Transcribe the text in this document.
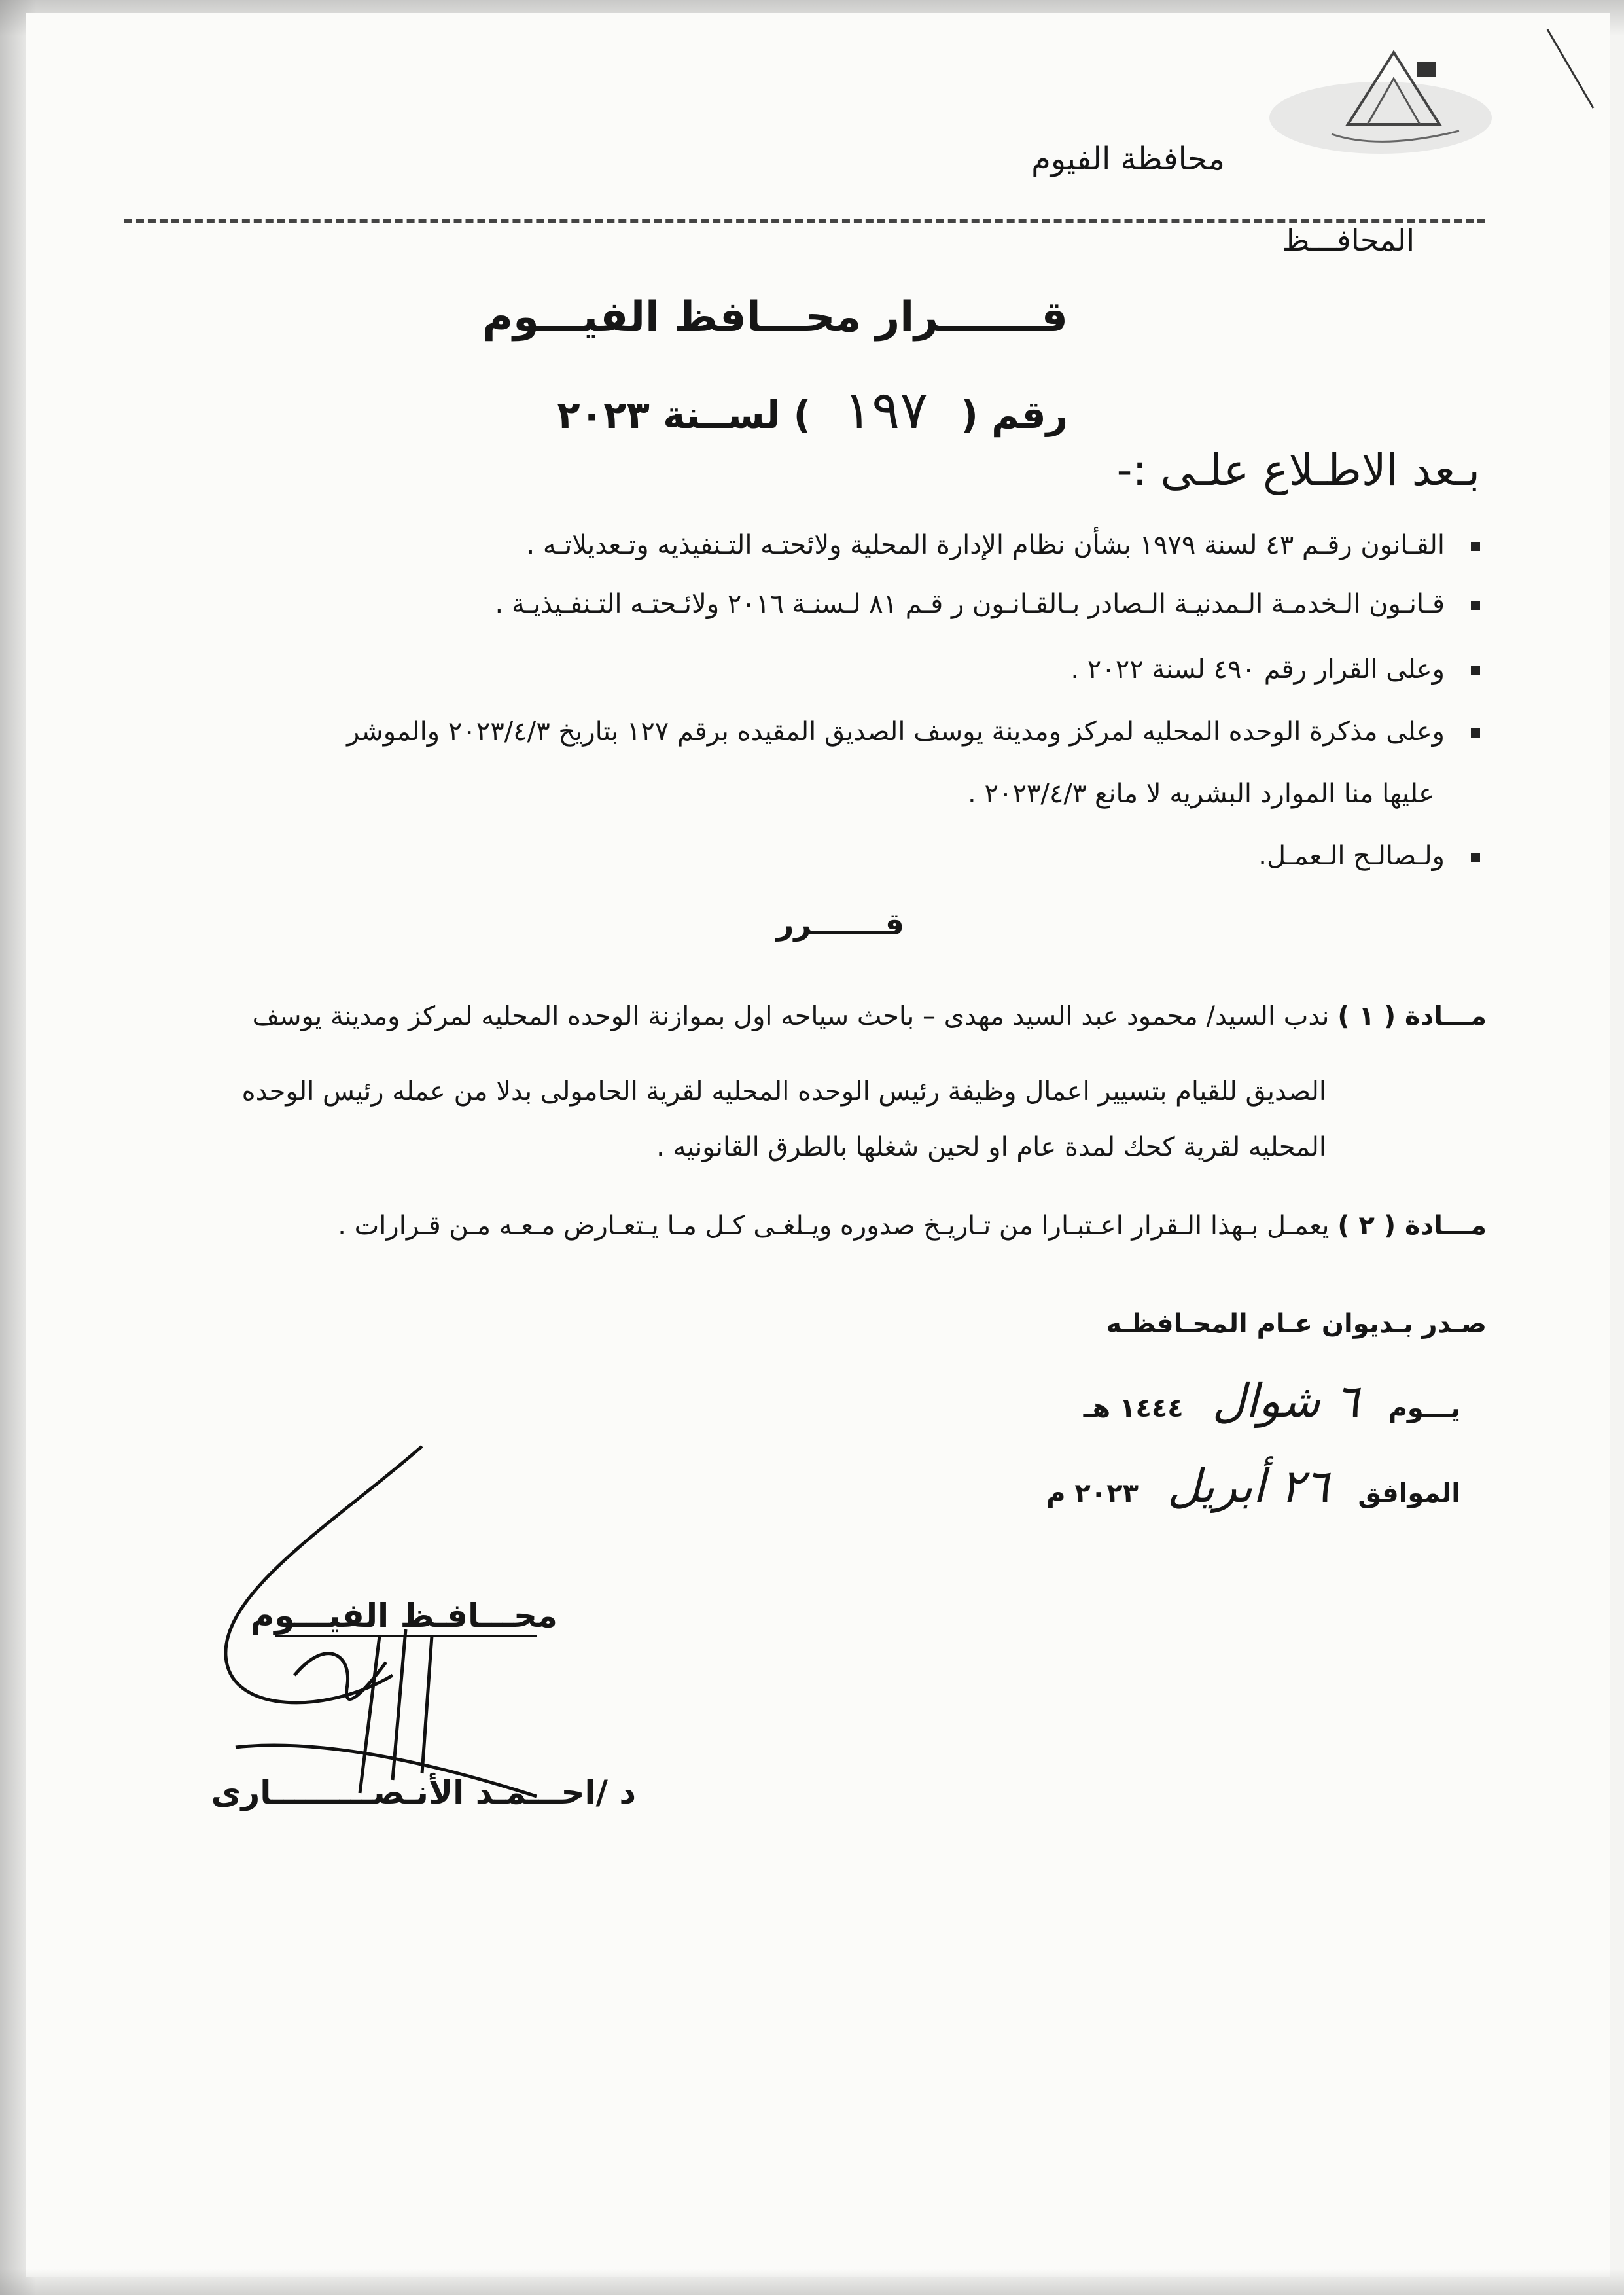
محافظة الفيوم
المحافـــظ
قـــــــرار محـــافظ الفيـــوم
رقم ( ١٩٧ ) لســنة ٢٠٢٣
بـعد الاطـلاع علـى :-
القـانون رقـم ٤٣ لسنة ١٩٧٩ بشأن نظام الإدارة المحلية ولائحتـه التـنفيذيه وتـعديلاتـه .
قـانـون الـخدمـة الـمدنيـة الـصادر بـالقـانـون ر قـم ٨١ لـسنـة ٢٠١٦ ولائـحتـه التـنفـيذيـة .
وعلى القرار رقم ٤٩٠ لسنة ٢٠٢٢ .
وعلى مذكرة الوحده المحليه لمركز ومدينة يوسف الصديق المقيده برقم ١٢٧ بتاريخ ٢٠٢٣/٤/٣ والموشر
عليها منا الموارد البشريه لا مانع ٢٠٢٣/٤/٣ .
ولـصالـح الـعمـل.
قـــــــرر
مـــادة ( ١ ) ندب السيد/ محمود عبد السيد مهدى – باحث سياحه اول بموازنة الوحده المحليه لمركز ومدينة يوسف
الصديق للقيام بتسيير اعمال وظيفة رئيس الوحده المحليه لقرية الحامولى بدلا من عمله رئيس الوحده
المحليه لقرية كحك لمدة عام او لحين شغلها بالطرق القانونيه .
مـــادة ( ٢ ) يعمـل بـهذا الـقرار اعـتبـارا من تـاريـخ صدوره ويـلغـى كـل مـا يـتعـارض مـعـه مـن قـرارات .
صـدر بـديوان عـام المحـافظـه
يـــوم ٦ شوال ١٤٤٤ هـ
الموافق ٢٦ أبريل ٢٠٢٣ م
محـــافـظ الفيـــوم
د /احـــمـد الأنـصـــــــــارى
